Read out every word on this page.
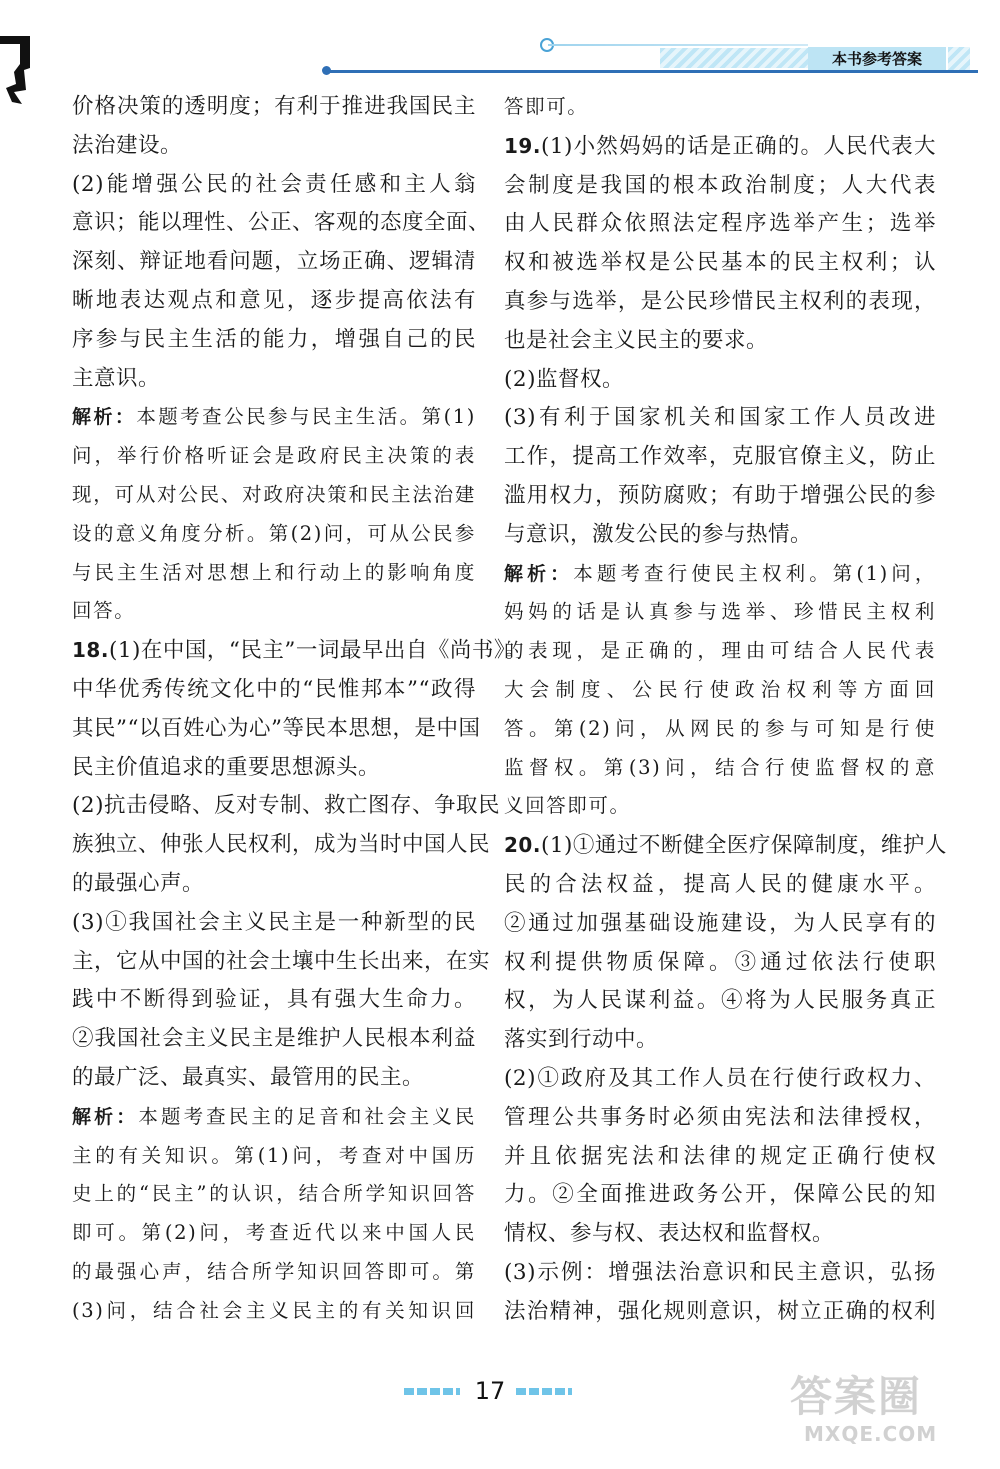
本书参考答案

价格决策的透明度；有利于推进我国民主

法治建设。

(2)能增强公民的社会责任感和主人翁

意识；能以理性、公正、客观的态度全面、

深刻、辩证地看问题，立场正确、逻辑清

晰地表达观点和意见，逐步提高依法有

序参与民主生活的能力，增强自己的民

主意识。

解析：本题考查公民参与民主生活。第(1)

问，举行价格听证会是政府民主决策的表

现，可从对公民、对政府决策和民主法治建

设的意义角度分析。第(2)问，可从公民参

与民主生活对思想上和行动上的影响角度

回答。

18.(1)在中国，“民主”一词最早出自《尚书》。

中华优秀传统文化中的“民惟邦本”“政得

其民”“以百姓心为心”等民本思想，是中国

民主价值追求的重要思想源头。

(2)抗击侵略、反对专制、救亡图存、争取民

族独立、伸张人民权利，成为当时中国人民

的最强心声。

(3)①我国社会主义民主是一种新型的民

主，它从中国的社会土壤中生长出来，在实

践中不断得到验证，具有强大生命力。

②我国社会主义民主是维护人民根本利益

的最广泛、最真实、最管用的民主。

解析：本题考查民主的足音和社会主义民

主的有关知识。第(1)问，考查对中国历

史上的“民主”的认识，结合所学知识回答

即可。第(2)问，考查近代以来中国人民

的最强心声，结合所学知识回答即可。第

(3)问，结合社会主义民主的有关知识回

答即可。

19.(1)小然妈妈的话是正确的。人民代表大

会制度是我国的根本政治制度；人大代表

由人民群众依照法定程序选举产生；选举

权和被选举权是公民基本的民主权利；认

真参与选举，是公民珍惜民主权利的表现，

也是社会主义民主的要求。

(2)监督权。

(3)有利于国家机关和国家工作人员改进

工作，提高工作效率，克服官僚主义，防止

滥用权力，预防腐败；有助于增强公民的参

与意识，激发公民的参与热情。

解析：本题考查行使民主权利。第(1)问，

妈妈的话是认真参与选举、珍惜民主权利

的表现，是正确的，理由可结合人民代表

大会制度、公民行使政治权利等方面回

答。第(2)问，从网民的参与可知是行使

监督权。第(3)问，结合行使监督权的意

义回答即可。

20.(1)①通过不断健全医疗保障制度，维护人

民的合法权益，提高人民的健康水平。

②通过加强基础设施建设，为人民享有的

权利提供物质保障。③通过依法行使职

权，为人民谋利益。④将为人民服务真正

落实到行动中。

(2)①政府及其工作人员在行使行政权力、

管理公共事务时必须由宪法和法律授权，

并且依据宪法和法律的规定正确行使权

力。②全面推进政务公开，保障公民的知

情权、参与权、表达权和监督权。

(3)示例：增强法治意识和民主意识，弘扬

法治精神，强化规则意识，树立正确的权利

17	答案圈
MXQE.COM
